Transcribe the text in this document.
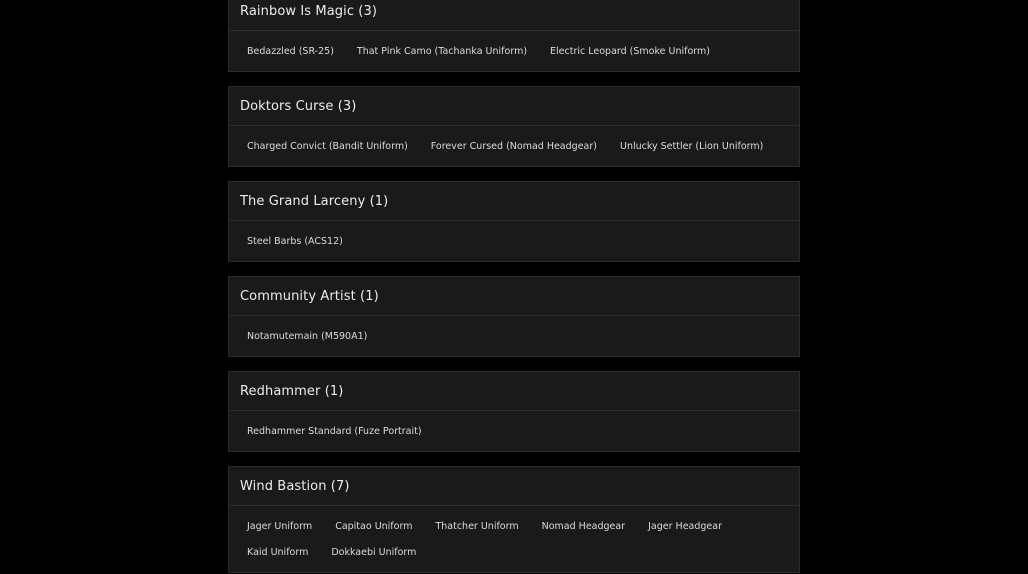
Rainbow Is Magic (3)
Bedazzled (SR-25)	That Pink Camo (Tachanka Uniform)	Electric Leopard (Smoke Uniform)
Doktors Curse (3)
Charged Convict (Bandit Uniform)	Forever Cursed (Nomad Headgear)	Unlucky Settler (Lion Uniform)
The Grand Larceny (1)
Steel Barbs (ACS12)
Community Artist (1)
Notamutemain (M590A1)
Redhammer (1)
Redhammer Standard (Fuze Portrait)
Wind Bastion (7)
Jager Uniform	Capitao Uniform	Thatcher Uniform	Nomad Headgear	Jager Headgear
Kaid Uniform	Dokkaebi Uniform
